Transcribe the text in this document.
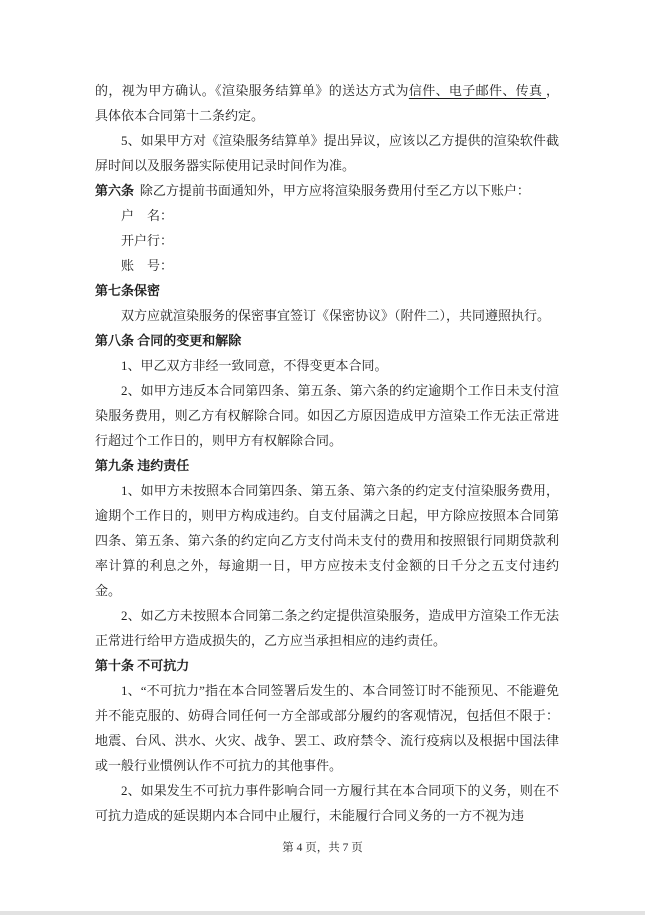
的，视为甲方确认。《渲染服务结算单》的送达方式为信件、电子邮件、传真 ，具体依本合同第十二条约定。

5、如果甲方对《渲染服务结算单》提出异议，应该以乙方提供的渲染软件截屏时间以及服务器实际使用记录时间作为准。

第六条 除乙方提前书面通知外，甲方应将渲染服务费用付至乙方以下账户：

户　名：

开户行：

账　号：

第七条保密

双方应就渲染服务的保密事宜签订《保密协议》（附件二），共同遵照执行。

第八条 合同的变更和解除

1、甲乙双方非经一致同意，不得变更本合同。

2、如甲方违反本合同第四条、第五条、第六条的约定逾期个工作日未支付渲染服务费用，则乙方有权解除合同。如因乙方原因造成甲方渲染工作无法正常进行超过个工作日的，则甲方有权解除合同。

第九条 违约责任

1、如甲方未按照本合同第四条、第五条、第六条的约定支付渲染服务费用，逾期个工作日的，则甲方构成违约。自支付届满之日起，甲方除应按照本合同第四条、第五条、第六条的约定向乙方支付尚未支付的费用和按照银行同期贷款利率计算的利息之外，每逾期一日，甲方应按未支付金额的日千分之五支付违约金。

2、如乙方未按照本合同第二条之约定提供渲染服务，造成甲方渲染工作无法正常进行给甲方造成损失的，乙方应当承担相应的违约责任。

第十条 不可抗力

1、“不可抗力”指在本合同签署后发生的、本合同签订时不能预见、不能避免并不能克服的、妨碍合同任何一方全部或部分履约的客观情况，包括但不限于：地震、台风、洪水、火灾、战争、罢工、政府禁令、流行疫病以及根据中国法律或一般行业惯例认作不可抗力的其他事件。

2、如果发生不可抗力事件影响合同一方履行其在本合同项下的义务，则在不可抗力造成的延误期内本合同中止履行，未能履行合同义务的一方不视为违

第 4 页，共 7 页
